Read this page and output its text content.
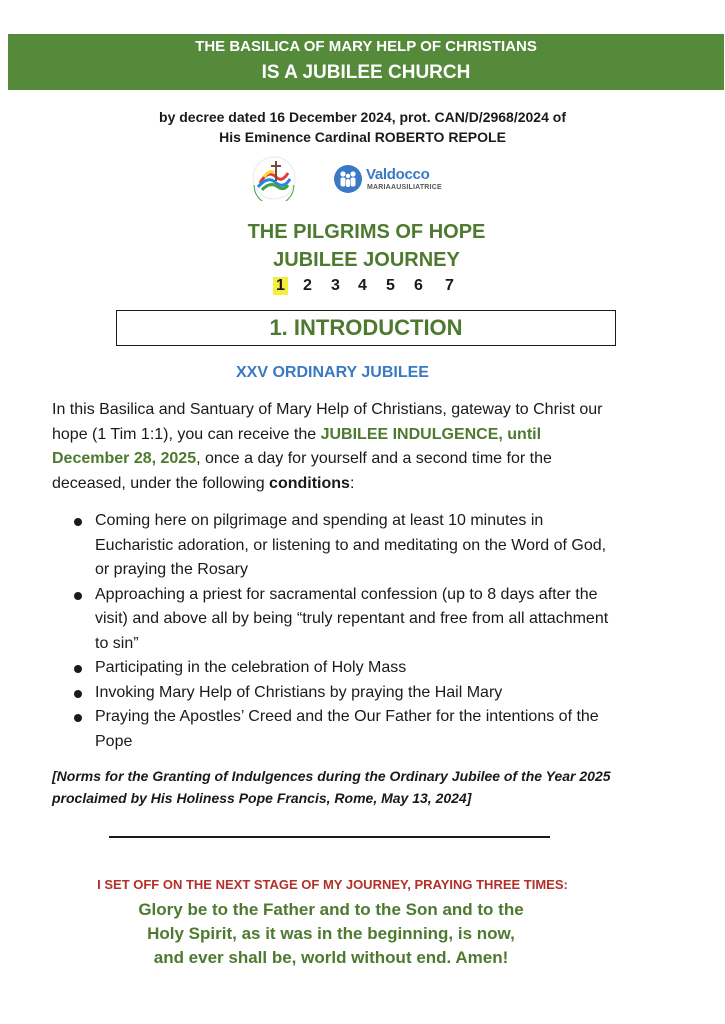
THE BASILICA OF MARY HELP OF CHRISTIANS
IS A JUBILEE CHURCH
by decree dated 16 December 2024, prot. CAN/D/2968/2024 of
His Eminence Cardinal ROBERTO REPOLE
Valdocco
MARIAAUSILIATRICE
THE PILGRIMS OF HOPE
JUBILEE JOURNEY
1 2 3 4 5 6 7
1. INTRODUCTION
XXV ORDINARY JUBILEE
In this Basilica and Santuary of Mary Help of Christians, gateway to Christ our hope (1 Tim 1:1), you can receive the JUBILEE INDULGENCE, until December 28, 2025, once a day for yourself and a second time for the deceased, under the following conditions:
Coming here on pilgrimage and spending at least 10 minutes in Eucharistic adoration, or listening to and meditating on the Word of God, or praying the Rosary
Approaching a priest for sacramental confession (up to 8 days after the visit) and above all by being “truly repentant and free from all attachment to sin”
Participating in the celebration of Holy Mass
Invoking Mary Help of Christians by praying the Hail Mary
Praying the Apostles’ Creed and the Our Father for the intentions of the Pope
[Norms for the Granting of Indulgences during the Ordinary Jubilee of the Year 2025
proclaimed by His Holiness Pope Francis, Rome, May 13, 2024]
I SET OFF ON THE NEXT STAGE OF MY JOURNEY, PRAYING THREE TIMES:
Glory be to the Father and to the Son and to the
Holy Spirit, as it was in the beginning, is now,
and ever shall be, world without end. Amen!
